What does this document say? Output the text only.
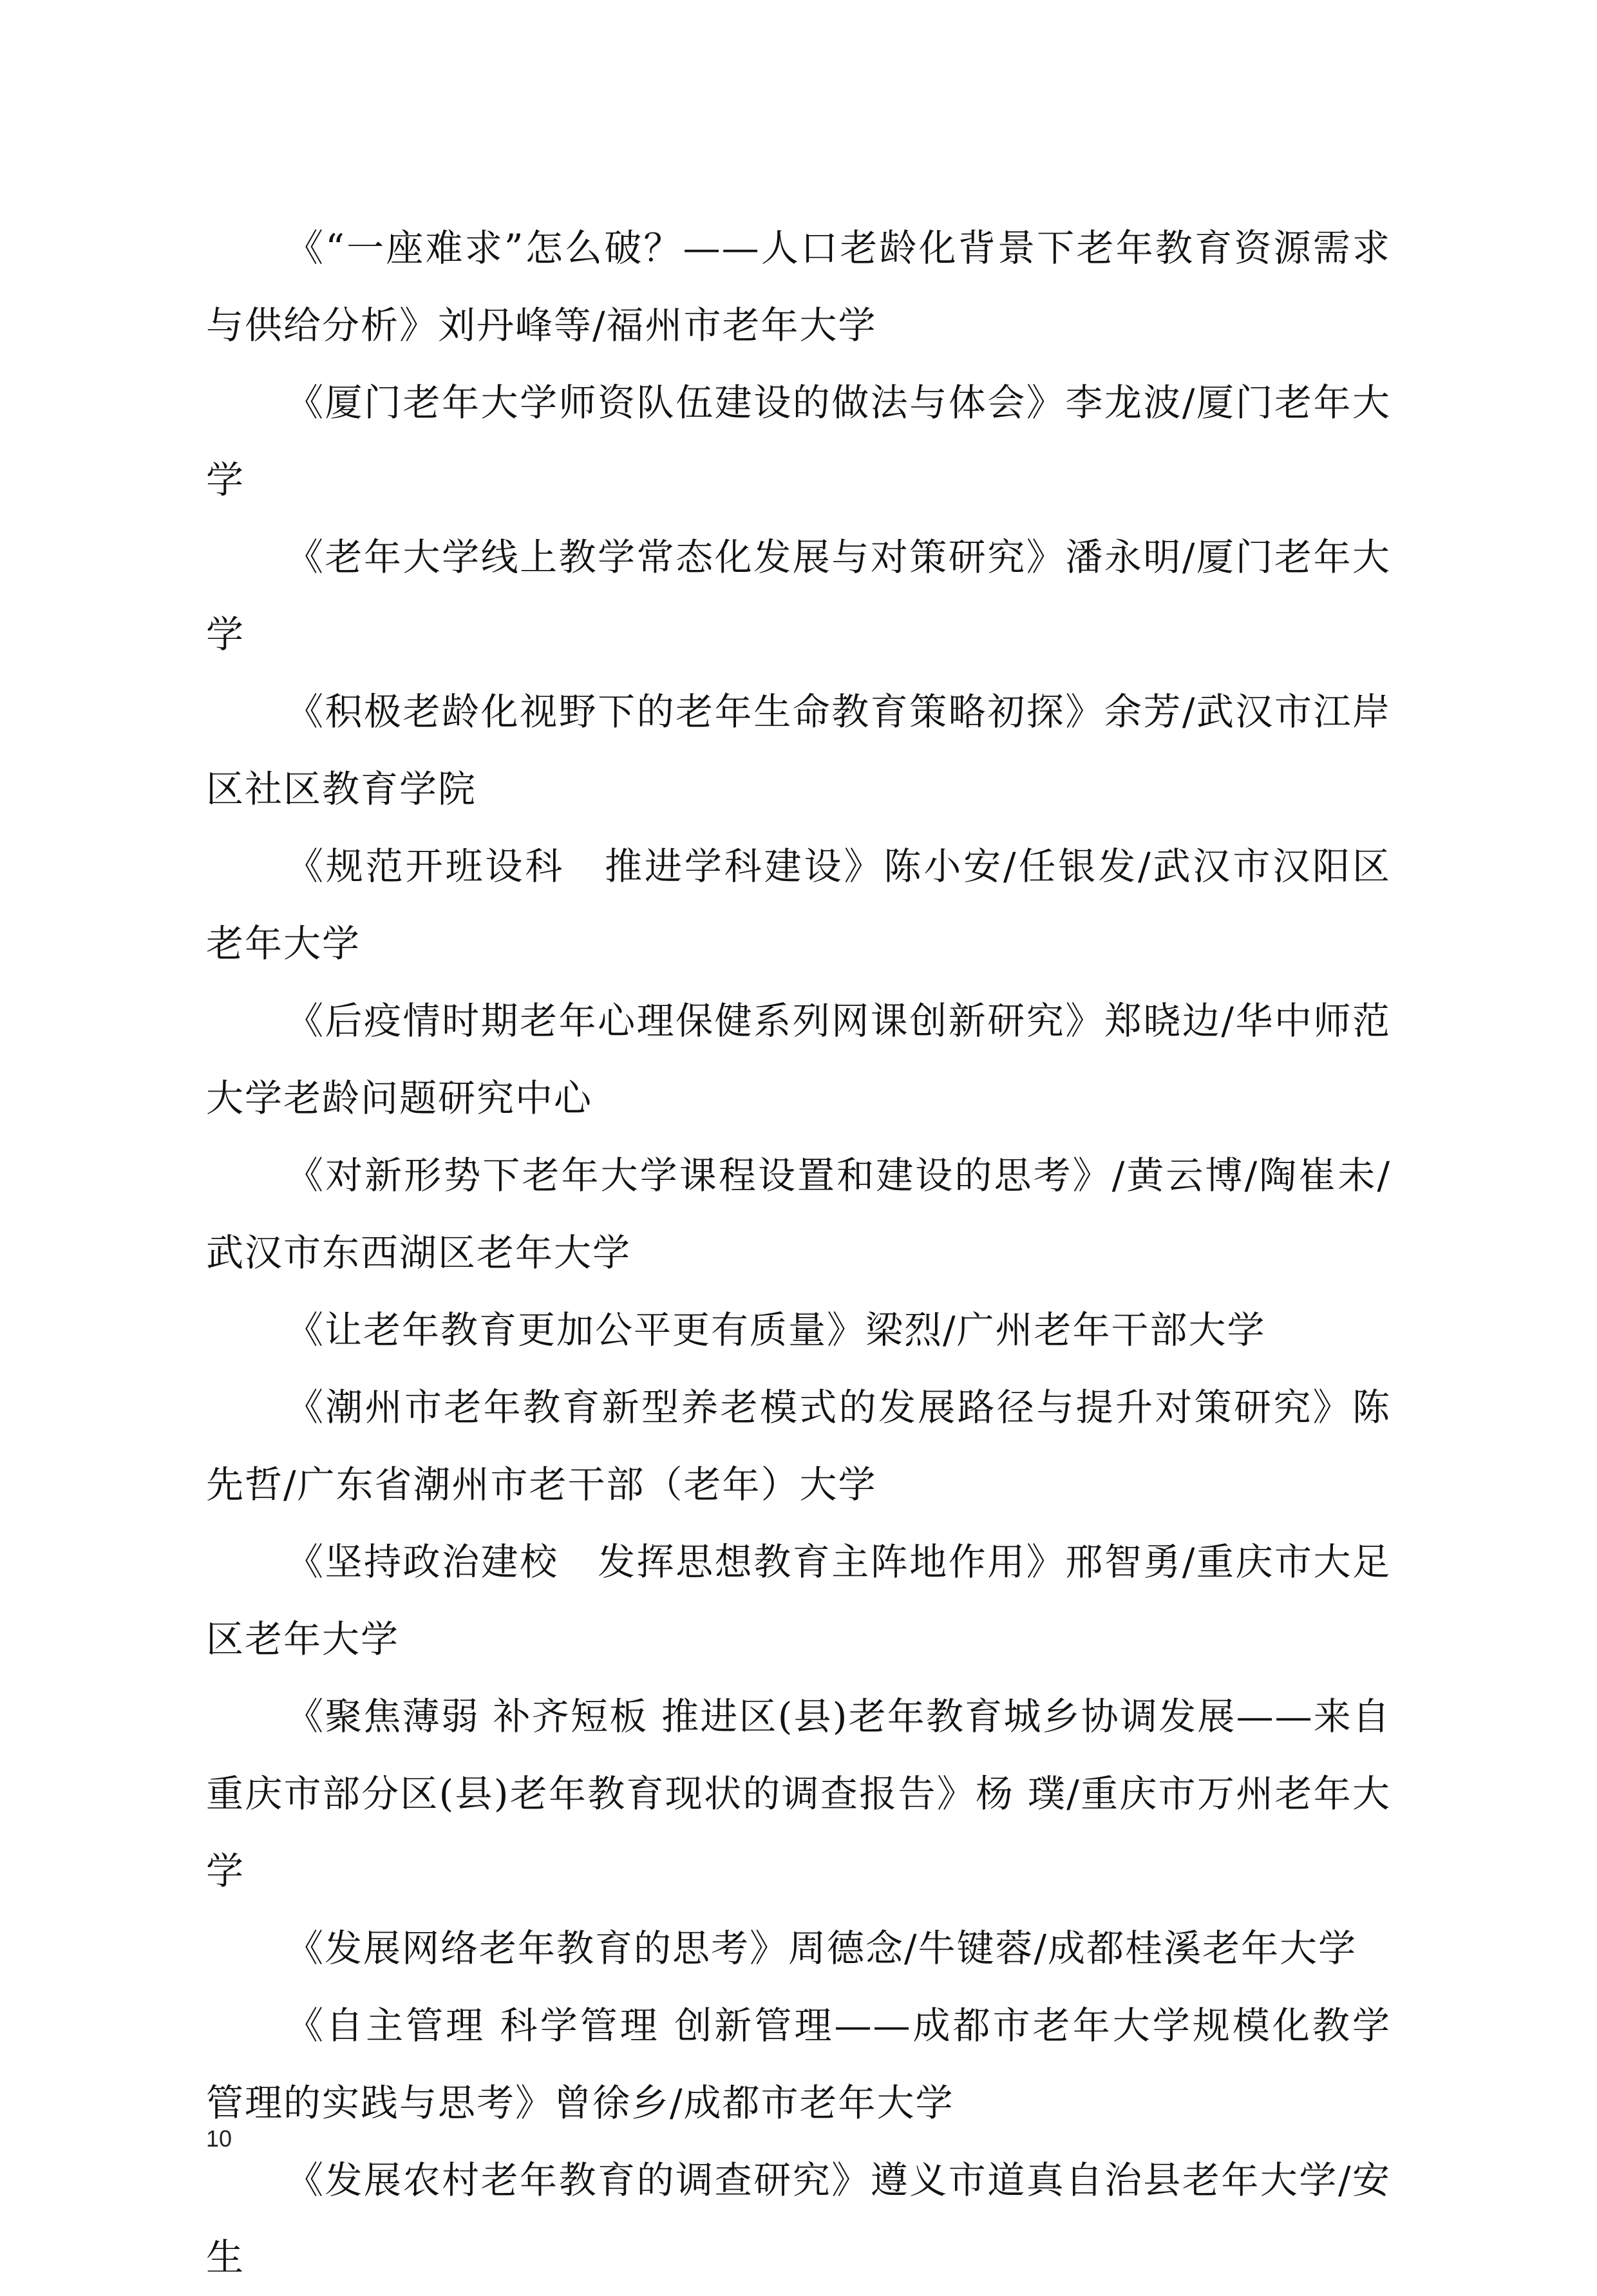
《“一座难求”怎么破？——人口老龄化背景下老年教育资源需求与供给分析》刘丹峰等/福州市老年大学

《厦门老年大学师资队伍建设的做法与体会》李龙波/厦门老年大学

《老年大学线上教学常态化发展与对策研究》潘永明/厦门老年大学

《积极老龄化视野下的老年生命教育策略初探》余芳/武汉市江岸区社区教育学院

《规范开班设科　推进学科建设》陈小安/任银发/武汉市汉阳区老年大学

《后疫情时期老年心理保健系列网课创新研究》郑晓边/华中师范大学老龄问题研究中心

《对新形势下老年大学课程设置和建设的思考》/黄云博/陶崔未/武汉市东西湖区老年大学

《让老年教育更加公平更有质量》梁烈/广州老年干部大学

《潮州市老年教育新型养老模式的发展路径与提升对策研究》陈先哲/广东省潮州市老干部（老年）大学

《坚持政治建校　发挥思想教育主阵地作用》邢智勇/重庆市大足区老年大学

《聚焦薄弱 补齐短板 推进区(县)老年教育城乡协调发展——来自重庆市部分区(县)老年教育现状的调查报告》杨 璞/重庆市万州老年大学

《发展网络老年教育的思考》周德念/牛键蓉/成都桂溪老年大学

《自主管理 科学管理 创新管理——成都市老年大学规模化教学管理的实践与思考》曾徐乡/成都市老年大学

《发展农村老年教育的调查研究》遵义市道真自治县老年大学/安生

10
